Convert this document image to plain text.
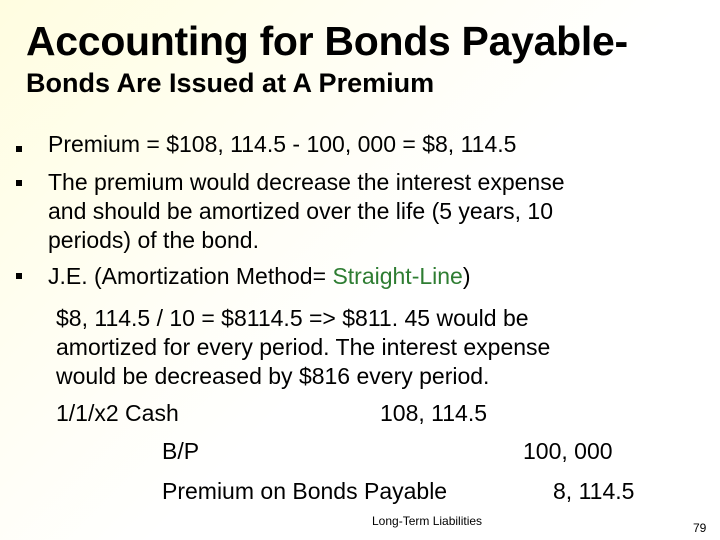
Accounting for Bonds Payable-
Bonds Are Issued at A Premium
Premium = $108, 114.5 - 100, 000 = $8, 114.5
The premium would decrease the interest expense
and should be amortized over the life (5 years, 10
periods) of the bond.
J.E. (Amortization Method= Straight-Line)
$8, 114.5 / 10 = $8114.5 => $811. 45 would be
amortized for every period. The interest expense
would be decreased by $816 every period.
1/1/x2 Cash	108, 114.5
B/P	100, 000
Premium on Bonds Payable	8, 114.5
Long-Term Liabilities	79
